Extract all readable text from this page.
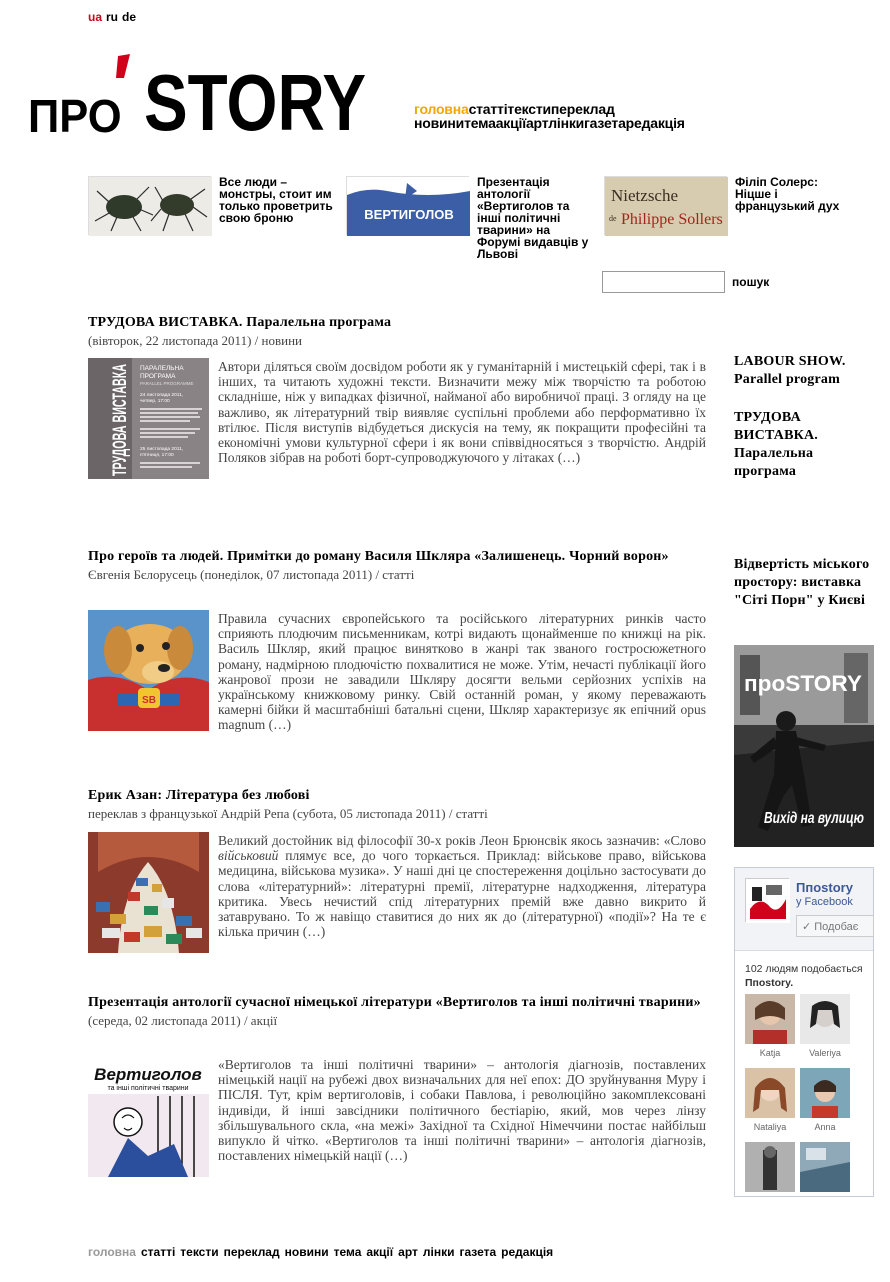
ua ru de
ПРО STORY	головнастаттітекстипереклад
новинитемаакціїартлінкигазетаредакція
Все люди – монстры, стоит им только проветрить свою броню	ВЕРТИГОЛОВ
Презентація антології «Вертиголов та інші політичні тварини» на Форумі видавців у Львові
Nietzsche
de Philippe Sollers
Філіп Солерс: Ніцше і французький дух
пошук
ТРУДОВА ВИСТАВКА. Паралельна програма
(вівторок, 22 листопада 2011) / новини
ТРУДОВА ВИСТАВКА ПАРАЛЕЛЬНА
ПРОГРАМА
PARALLEL PROGRAMME
24 листопада 2011,
четвер, 17:00
25 листопада 2011,
п'ятниця, 17:00
Автори діляться своїм досвідом роботи як у гуманітарній і мистецькій сфері, так і в інших, та читають художні тексти. Визначити межу між творчістю та роботою складніше, ніж у випадках фізичної, найманої або виробничої праці. З огляду на це важливо, як літературний твір виявляє суспільні проблеми або перформативно їх втілює. Після виступів відбудеться дискусія на тему, як покращити професійні та економічні умови культурної сфери і як вони співвідносяться з творчістю. Андрій Поляков зібрав на роботі борт-супроводжуючого у літаках (…)
Про героїв та людей. Примітки до роману Василя Шкляра «Залишенець. Чорний ворон»
Євгенія Бєлорусець (понеділок, 07 листопада 2011) / статті
SB
Правила сучасних європейського та російського літературних ринків часто сприяють плодючим письменникам, котрі видають щонайменше по книжці на рік. Василь Шкляр, який працює винятково в жанрі так званого гостросюжетного роману, надмірною плодючістю похвалитися не може. Утім, нечасті публікації його жанрової прози не завадили Шкляру досягти вельми серйозних успіхів на українському книжковому ринку. Свій останній роман, у якому переважають камерні бійки й масштабніші батальні сцени, Шкляр характеризує як епічний opus magnum (…)
Ерик Азан: Література без любові
переклав з французької Андрій Репа (субота, 05 листопада 2011) / статті
Великий достойник від філософії 30-х років Леон Брюнсвік якось зазначив: «Слово військовий плямує все, до чого торкається. Приклад: військове право, військова медицина, військова музика». У наші дні це спостереження доцільно застосувати до слова «літературний»: літературні премії, літературне надходження, література критика. Увесь нечистий спід літературних премій вже давно викрито й затаврувано. То ж навіщо ставитися до них як до (літературної) «події»? На те є кілька причин (…)
Презентація антології сучасної німецької літератури «Вертиголов та інші політичні тварини»
(середа, 02 листопада 2011) / акції
Вертиголов
та інші політичні тварини
«Вертиголов та інші політичні тварини» – антологія діагнозів, поставлених німецькій нації на рубежі двох визначальних для неї епох: ДО зруйнування Муру і ПІСЛЯ. Тут, крім вертиголовів, і собаки Павлова, і революційно закомплексовані індивіди, й інші завсідники політичного бестіарію, який, мов через лінзу збільшувального скла, «на межі» Західної та Східної Німеччини постає найбільш випукло й чітко. «Вертиголов та інші політичні тварини» – антологія діагнозів, поставлених німецькій нації (…)
LABOUR SHOW. Parallel program
ТРУДОВА ВИСТАВКА. Паралельна програма
Відвертість міського простору: виставка "Сіті Порн" у Києві
пpoSTORY
Вихід на вулицю
Ппostory
у Facebook
✓ Подобає
102 людям подобається
Ппostory.
Katja	Valeriya
Nataliya	Anna
головна статті тексти переклад новини тема акції арт лінки газета редакція
